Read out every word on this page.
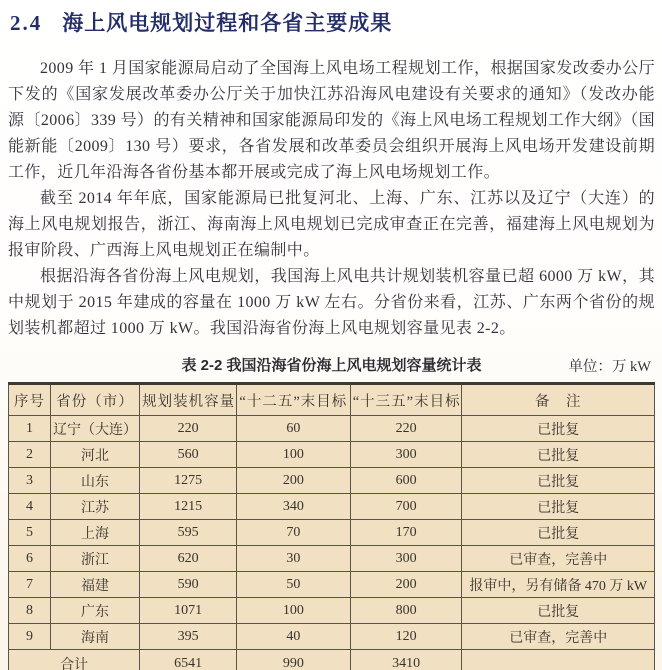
2.4 海上风电规划过程和各省主要成果

2009 年 1 月国家能源局启动了全国海上风电场工程规划工作，根据国家发改委办公厅下发的《国家发展改革委办公厅关于加快江苏沿海风电建设有关要求的通知》（发改办能源〔2006〕339 号）的有关精神和国家能源局印发的《海上风电场工程规划工作大纲》（国能新能〔2009〕130 号）要求，各省发展和改革委员会组织开展海上风电场开发建设前期工作，近几年沿海各省份基本都开展或完成了海上风电场规划工作。

截至 2014 年年底，国家能源局已批复河北、上海、广东、江苏以及辽宁（大连）的海上风电规划报告，浙江、海南海上风电规划已完成审查正在完善，福建海上风电规划为报审阶段、广西海上风电规划正在编制中。

根据沿海各省份海上风电规划，我国海上风电共计规划装机容量已超 6000 万 kW，其中规划于 2015 年建成的容量在 1000 万 kW 左右。分省份来看，江苏、广东两个省份的规划装机都超过 1000 万 kW。我国沿海省份海上风电规划容量见表 2-2。

表 2-2 我国沿海省份海上风电规划容量统计表	单位：万 kW
序号	省份（市）	规划装机容量	“十二五”末目标	“十三五”末目标	备　注
1	辽宁（大连）	220	60	220	已批复
2	河北	560	100	300	已批复
3	山东	1275	200	600	已批复
4	江苏	1215	340	700	已批复
5	上海	595	70	170	已批复
6	浙江	620	30	300	已审查，完善中
7	福建	590	50	200	报审中，另有储备 470 万 kW
8	广东	1071	100	800	已批复
9	海南	395	40	120	已审查，完善中
合计		6541	990	3410	
